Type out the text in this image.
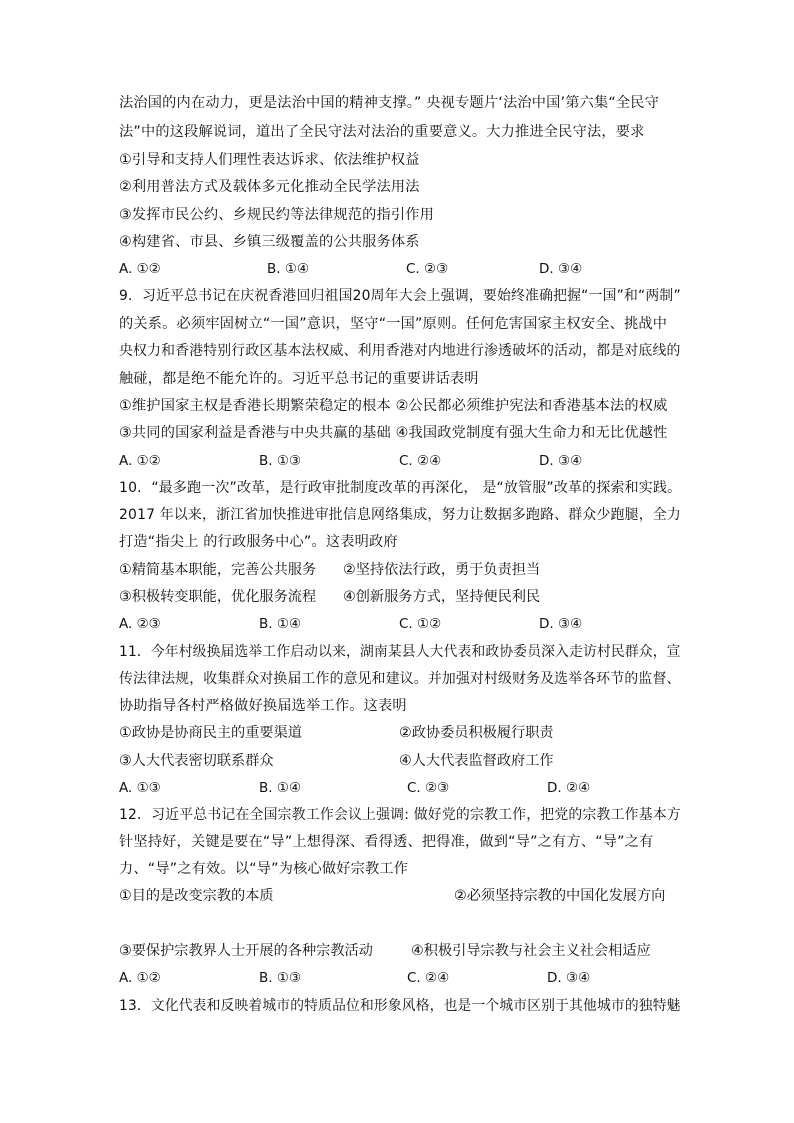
法治国的内在动力，更是法治中国的精神支撑。” 央视专题片‘法治中国’第六集“全民守
法”中的这段解说词，道出了全民守法对法治的重要意义。大力推进全民守法，要求
①引导和支持人们理性表达诉求、依法维护权益
②利用普法方式及载体多元化推动全民学法用法
③发挥市民公约、乡规民约等法律规范的指引作用
④构建省、市县、乡镇三级覆盖的公共服务体系
A. ①②	B. ①④	C. ②③	D. ③④
9．习近平总书记在庆祝香港回归祖国20周年大会上强调，要始终准确把握“一国”和“两制”
的关系。必须牢固树立“一国”意识，坚守“一国”原则。任何危害国家主权安全、挑战中
央权力和香港特别行政区基本法权威、利用香港对内地进行渗透破坏的活动，都是对底线的
触碰，都是绝不能允许的。习近平总书记的重要讲话表明
①维护国家主权是香港长期繁荣稳定的根本 ②公民都必须维护宪法和香港基本法的权威
③共同的国家利益是香港与中央共赢的基础 ④我国政党制度有强大生命力和无比优越性
A. ①②	B. ①③	C. ②④	D. ③④
10．“最多跑一次”改革，是行政审批制度改革的再深化， 是“放管服”改革的探索和实践。
2017 年以来，浙江省加快推进审批信息网络集成，努力让数据多跑路、群众少跑腿，全力
打造“指尖上 的行政服务中心”。这表明政府
①精简基本职能，完善公共服务 ②坚持依法行政，勇于负责担当
③积极转变职能，优化服务流程 ④创新服务方式，坚持便民利民
A. ②③	B. ①④	C. ①②	D. ③④
11．今年村级换届选举工作启动以来，湖南某县人大代表和政协委员深入走访村民群众，宣
传法律法规，收集群众对换届工作的意见和建议。并加强对村级财务及选举各环节的监督、
协助指导各村严格做好换届选举工作。这表明
①政协是协商民主的重要渠道	②政协委员积极履行职责
③人大代表密切联系群众	④人大代表监督政府工作
A. ①③	B. ①④	C. ②③	D. ②④
12．习近平总书记在全国宗教工作会议上强调: 做好党的宗教工作，把党的宗教工作基本方
针坚持好，关键是要在“导”上想得深、看得透、把得准，做到“导”之有方、“导”之有
力、“导”之有效。以“导”为核心做好宗教工作
①目的是改变宗教的本质	②必须坚持宗教的中国化发展方向
③要保护宗教界人士开展的各种宗教活动	④积极引导宗教与社会主义社会相适应
A. ①②	B. ①③	C. ②④	D. ③④
13．文化代表和反映着城市的特质品位和形象风格，也是一个城市区别于其他城市的独特魅
